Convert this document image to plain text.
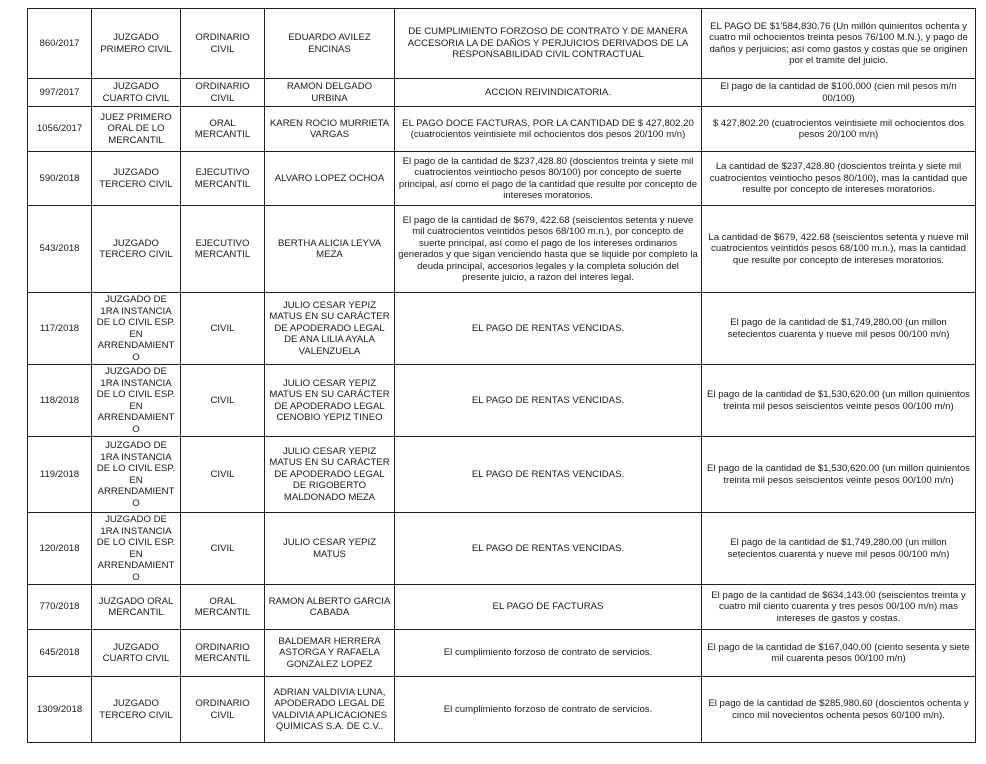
860/2017	JUZGADO PRIMERO CIVIL	ORDINARIO CIVIL	EDUARDO AVILEZ ENCINAS	DE CUMPLIMIENTO FORZOSO DE CONTRATO Y DE MANERA ACCESORIA LA DE DAÑOS Y PERJUICIOS DERIVADOS DE LA RESPONSABILIDAD CIVIL CONTRACTUAL	EL PAGO DE $1'584,830.76 (Un millón quinientos ochenta y cuatro mil ochocientos treinta pesos 76/100 M.N.), y pago de daños y perjuicios; así como gastos y costas que se originen por el tramite del juicio.
997/2017	JUZGADO CUARTO CIVIL	ORDINARIO CIVIL	RAMON DELGADO URBINA	ACCION REIVINDICATORIA.	El pago de la cantidad de $100,000 (cien mil pesos m/n 00/100)
1056/2017	JUEZ PRIMERO ORAL DE LO MERCANTIL	ORAL MERCANTIL	KAREN ROCIO MURRIETA VARGAS	EL PAGO DOCE FACTURAS, POR LA CANTIDAD DE $ 427,802.20 (cuatrocientos veintisiete mil ochocientos dos pesos 20/100 m/n)	$ 427,802.20 (cuatrocientos veintisiete mil ochocientos dos pesos 20/100 m/n)
590/2018	JUZGADO TERCERO CIVIL	EJECUTIVO MERCANTIL	ALVARO LOPEZ OCHOA	El pago de la cantidad de $237,428.80 (doscientos treinta y siete mil cuatrocientos veintiocho pesos 80/100) por concepto de suerte principal, así como el pago de la cantidad que resulte por concepto de intereses moratorios.	La cantidad de $237,428.80 (doscientos treinta y siete mil cuatrocientos veintiocho pesos 80/100), mas la cantidad que resulte por concepto de intereses moratorios.
543/2018	JUZGADO TERCERO CIVIL	EJECUTIVO MERCANTIL	BERTHA ALICIA LEYVA MEZA	El pago de la cantidad de $679, 422.68 (seiscientos setenta y nueve mil cuatrocientos veintidós pesos 68/100 m.n.), por concepto de suerte principal, así como el pago de los intereses ordinarios generados y que sigan venciendo hasta que se liquide por completo la deuda principal, accesorios legales y la completa solución del presente juicio, a razon del interes legal.	La cantidad de $679, 422.68 (seiscientos setenta y nueve mil cuatrocientos veintidós pesos 68/100 m.n.), mas la cantidad que resulte por concepto de intereses moratorios.
117/2018	JUZGADO DE 1RA INSTANCIA DE LO CIVIL ESP. EN ARRENDAMIENTO	CIVIL	JULIO CESAR YEPIZ MATUS EN SU CARÁCTER DE APODERADO LEGAL DE ANA LILIA AYALA VALENZUELA	EL PAGO DE RENTAS VENCIDAS.	El pago de la cantidad de $1,749,280.00 (un millon setecientos cuarenta y nueve mil pesos 00/100 m/n)
118/2018	JUZGADO DE 1RA INSTANCIA DE LO CIVIL ESP. EN ARRENDAMIENTO	CIVIL	JULIO CESAR YEPIZ MATUS EN SU CARÁCTER DE APODERADO LEGAL CENOBIO YEPIZ TINEO	EL PAGO DE RENTAS VENCIDAS.	El pago de la cantidad de $1,530,620.00 (un millon quinientos treinta mil pesos seiscientos veinte pesos 00/100 m/n)
119/2018	JUZGADO DE 1RA INSTANCIA DE LO CIVIL ESP. EN ARRENDAMIENTO	CIVIL	JULIO CESAR YEPIZ MATUS EN SU CARÁCTER DE APODERADO LEGAL DE RIGOBERTO MALDONADO MEZA	EL PAGO DE RENTAS VENCIDAS.	El pago de la cantidad de $1,530,620.00 (un millon quinientos treinta mil pesos seiscientos veinte pesos 00/100 m/n)
120/2018	JUZGADO DE 1RA INSTANCIA DE LO CIVIL ESP. EN ARRENDAMIENTO	CIVIL	JULIO CESAR YEPIZ MATUS	EL PAGO DE RENTAS VENCIDAS.	El pago de la cantidad de $1,749,280.00 (un millon setecientos cuarenta y nueve mil pesos 00/100 m/n)
770/2018	JUZGADO ORAL MERCANTIL	ORAL MERCANTIL	RAMON ALBERTO GARCIA CABADA	EL PAGO DE FACTURAS	El pago de la cantidad de $634,143.00 (seiscientos treinta y cuatro mil ciento cuarenta y tres pesos 00/100 m/n) mas intereses de gastos y costas.
645/2018	JUZGADO CUARTO CIVIL	ORDINARIO MERCANTIL	BALDEMAR HERRERA ASTORGA Y RAFAELA GONZALEZ LOPEZ	El cumplimiento forzoso de contrato de servicios.	El pago de la cantidad de $167,040.00 (ciento sesenta y siete mil cuarenta pesos 00/100 m/n)
1309/2018	JUZGADO TERCERO CIVIL	ORDINARIO CIVIL	ADRIAN VALDIVIA LUNA, APODERADO LEGAL DE VALDIVIA APLICACIONES QUIMICAS S.A. DE C.V..	El cumplimiento forzoso de contrato de servicios.	El pago de la cantidad de $285,980.60 (doscientos ochenta y cinco mil novecientos ochenta pesos 60/100 m/n).
